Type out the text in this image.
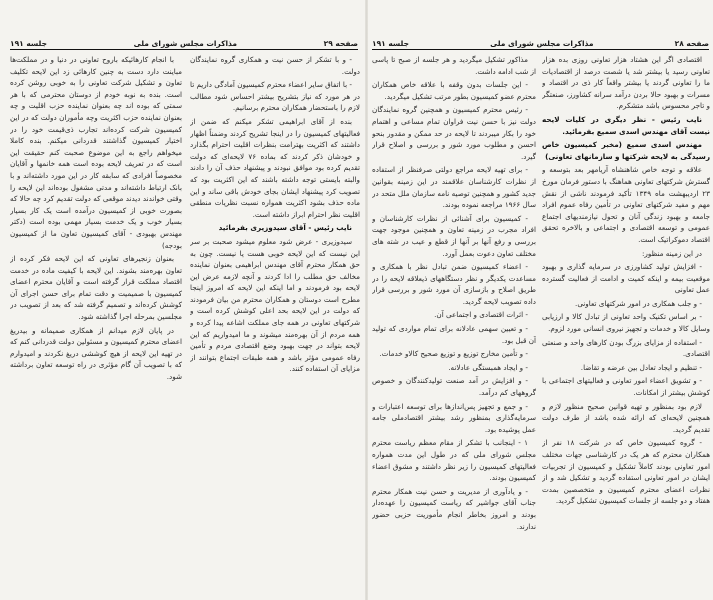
صفحه ۲۹
مذاکرات مجلس شورای ملی
جلسه ۱۹۱

- و با تشکر از حسن نیت و همکاری گروه نمایندگان دولت.

- با اتفاق سایر اعضاء محترم کمیسیون آمادگی داریم تا در هر مورد که نیاز بتشریح بیشتر احساس شود مطالب لازم را باستحضار همکاران محترم برسانیم.

بنده از آقای ابراهیمی تشکر میکنم که ضمن از فعالیتهای کمیسیون را در اینجا تشریح کردند وضمناً اظهار داشتند که اکثریت بهترامت بنظرات اقلیت احترام بگذارد و خودشان ذکر کردند که بماده ۷۶ لایحه‌ای که دولت تقدیم کرده بود موافق نبودند و پیشنهاد حذف آن را دادند والبته بایستی توجه داشته باشند که این اکثریت بود که تصویب کرد پیشنهاد ایشان بجای خودش باقی ساند و این ماده حذف بشود اکثریت همواره نسبت نظریات منطقی اقلیت نظر احترام ابراز داشته است.

نایب رئیس - آقای سیدوزیری بفرمائید

سیدوزیری - عرض شود معلوم میشود صحبت بر سر این نیست که این لایحه خوبی هست یا نیست. چون به حق همکار محترم آقای مهندس ابراهیمی بعنوان نماینده مخالف حق مطلب را ادا کردند و آنچه لازمه عرض این لایحه بود فرمودند و اما اینکه این لایحه که امروز اینجا مطرح است دوستان و همکاران محترم من بیان فرمودند که دولت در این لایحه بحد اعلی کوشش کرده است و شرکتهای تعاونی در همه جای مملکت اشاعه پیدا کرده و همه مردم از آن بهره‌مند میشوند و ما امیدواریم که این لایحه بتواند در جهت بهبود وضع اقتصادی مردم و تأمین رفاه عمومی مؤثر باشد و همه طبقات اجتماع بتوانند از مزایای آن استفاده کنند.

با انجام کارهائیکه باروح تعاونی در دنیا و در مملکت‌ها مباینت دارد دست به چنین کارهائی زد این لایحه تکلیف تعاون و تشکیل شرکت تعاونی را به خوبی روشن کرده است. بنده به نوبه خودم از دوستان محترمی که با هر سمتی که بوده اند چه بعنوان نماینده حزب اقلیت و چه بعنوان نماینده حزب اکثریت وچه مأموران دولت که در این کمیسیون شرکت کرده‌اند تجارب ذی‌قیمت خود را در اختیار کمیسیون گذاشتند قدردانی میکنم. بنده کاملا میخواهم راجع به این موضوع صحبت کنم حقیقت این است که در تعریف لایحه بوده است همه خانمها و آقایان مخصوصاً افرادی که سابقه کار در این مورد داشته‌اند و با بانک ارتباط داشته‌اند و مدتی مشغول بوده‌اند این لایحه را وقتی خواندند دیدند موقعی که دولت تقدیم کرد چه حالا که بصورت خوبی از کمیسیون درآمده است یک کار بسیار بسیار خوب و یک خدمت بسیار مهمی بوده است (دکتر مهندس بهبودی - آقای کمیسیون تعاون ما از کمیسیون بودجه)

بعنوان زنجیرهای تعاونی که این لایحه فکر کرده از تعاون بهره‌مند بشوند. این لایحه با کیفیت ماده در خدمت اقتصاد مملکت قرار گرفته است و آقایان محترم اعضای کمیسیون با صمیمیت و دقت تمام برای حسن اجرای آن کوشش کرده‌اند و تصمیم گرفته شد که بعد از تصویب در مجلسین بمرحله اجرا گذاشته شود.

در پایان لازم میدانم از همکاری صمیمانه و بیدریغ اعضای محترم کمیسیون و مسئولین دولت قدردانی کنم که در تهیه این لایحه از هیچ کوششی دریغ نکردند و امیدوارم که با تصویب آن گام مؤثری در راه توسعه تعاون برداشته شود.

صفحه ۲۸
مذاکرات مجلس شورای ملی
جلسه ۱۹۱

اقتصادی اگر این هشتاد هزار تعاونی روزی بده هزار تعاونی رسید یا بیشتر شد یا شصت درصد از اقتصادیات ما را تعاونی گردند یا بیشتر واقعاً کار ذی در اقتصاد و مسرات و بهبود حالا بردن درآمد سرانه کشاورز، صنعتگر و تاجر محسوس باشد متشکرم.

نایب رئیس - نظر دیگری در کلیات لایحه نیست آقای مهندس اسدی سمیع بفرمائید.

مهندس اسدی سمیع (مخبر کمیسیون خاص رسیدگی به لایحه شرکتها و سازمانهای تعاونی)

علاقه و توجه خاص شاهنشاه آریامهر بعد بتوسعه و گسترش شرکتهای تعاونی هماهنگ با دستور فرمان مورخ ۲۳ اردیبهشت ماه ۱۳۴۹ تأکید فرمودند ناشی از نقش مهم و مفید شرکتهای تعاونی در تأمین رفاه عموم افراد جامعه و بهبود زندگی آنان و تحول نیازمندیهای اجتماع عمومی و توسعه اقتصادی و اجتماعی و بالاخره تحقق اقتصاد دموکراتیک است.

در این زمینه منظور:

- افزایش تولید کشاورزی در سرمایه گذاری و بهبود موقعیت بیمه و اینکه کمیت و ادامت از فعالیت گسترده عمل تعاونی

- و جلب همکاری در امور شرکتهای تعاونی.

- بر اساس تکنیک واحد تعاونی از تبادل کالا و ارزیابی وسایل کالا و خدمات و تجهیز نیروی انسانی مورد لزوم.

- استفاده از مزایای بزرگ بودن کارهای واحد و صنعتی اقتصادی.

- تنظیم و ایجاد تعادل بین عرضه و تقاضا.

- و تشویق اعضاء امور تعاونی و فعالیتهای اجتماعی با کوشش بیشتر از امکانات.

لازم بود بمنظور و تهیه قوانین صحیح منظور لازم و همچنین لایحه‌ای که ارائه شده باشد از طرف دولت تقدیم گردید.

- گروه کمیسیون خاص که در شرکت ۱۸ نفر از همکاران محترم که هر یک در کارشناسی جهات مختلف امور تعاونی بودند کاملاً تشکیل و کمیسیون از تجربیات ایشان در امور تعاونی استفاده گردید و تشکیل شد و از نظرات اعضای محترم کمیسیون و متخصصین بمدت هفتاد و دو جلسه از جلسات کمیسیون تشکیل گردید.

مذاکور تشکیل میگردید و هر جلسه از صبح تا پاسی از شب ادامه داشت.

- این جلسات بدون وقفه با علاقه‌ خاص همکاران محترم عضو کمیسیون بطور مرتب تشکیل میگردید.

- رئیس محترم کمیسیون و همچنین گروه نمایندگان دولت نیز با حسن نیت فراوان تمام مساعی و اهتمام خود را بکار میبردند تا لایحه در حد ممکن و مقدور بنحو احسن و مطلوب مورد شور و بررسی و اصلاح قرار گیرد.

- برای تهیه لایحه مراجع دولتی صرفنظر از استفاده از نظرات کارشناسان علاقمند در این زمینه بقوانین جدید کشور و همچنین توصیه نامه سازمان ملل متحد در سال ۱۹۶۶ مراجعه نموده بودند.

- کمیسیون برای آشنائی از نظرات کارشناسان و افراد مجرب در زمینه تعاون و همچنین موجود جهت بررسی و رفع آنها بر آنها از قطع و عیب در شته های مختلف تعاون دعوت بعمل آورد.

- اعضاء کمیسیون ضمن تبادل نظر با همکاری و مساعدت یکدیگر و نظر دستگاههای ذیعلاقه لایحه را در طریق اصلاح و بازسازی آن مورد شور و بررسی قرار داده تصویب لایحه گردید.

- اثرات اقتصادی و اجتماعی آن.

- و تعیین سهمی عادلانه برای تمام مواردی که تولید آن قبل بود.

- و تأمین مخارج توزیع و توزیع صحیح کالاو خدمات.

- و ایجاد همبستگی عادلانه.

- و افزایش در آمد صنعت تولیدکنندگان و خصوص گروههای کم درآمد.

- و جمع و تجهیز پس‌اندازها برای توسعه اعتبارات و سرمایه‌گذاری بمنظور رشد بیشتر اقتصادملی جامه عمل پوشیده بود.

۱ - اینجانب با تشکر از مقام معظم ریاست محترم مجلس شورای ملی که در طول این مدت همواره فعالیتهای کمیسیون را زیر نظر داشتند و مشوق اعضاء کمیسیون بودند.

- و یادآوری از مدیریت و حسن نیت همکار محترم جناب آقای جواشیر که ریاست کمیسیون را عهده‌دار بودند و امروز بخاطر انجام مأموریت حزبی حضور ندارند.
